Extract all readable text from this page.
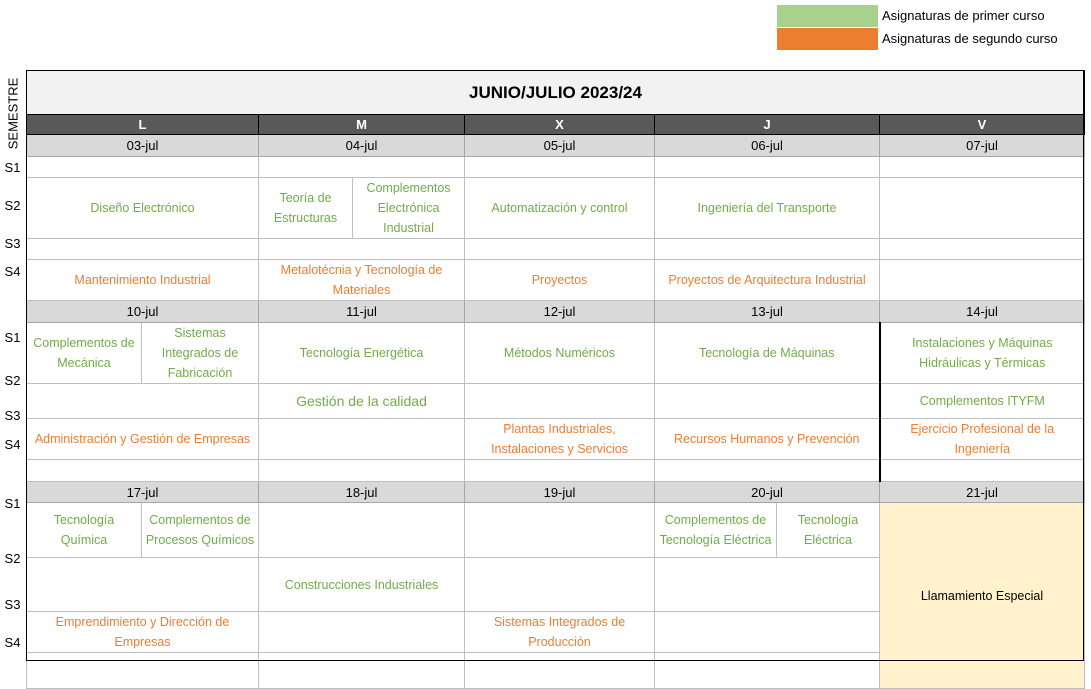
Asignaturas de primer curso
Asignaturas de segundo curso
SEMESTRE
S1
S2
S3
S4
S1
S2
S3
S4
S1
S2
S3
S4
JUNIO/JULIO 2023/24							
L		M		X	J		V
03-jul		04-jul		05-jul	06-jul		07-jul

Diseño Electrónico		Teoría de Estructuras	Complementos Electrónica Industrial	Automatización y control	Ingeniería del Transporte		

Mantenimiento Industrial		Metalotécnia y Tecnología de Materiales		Proyectos	Proyectos de Arquitectura Industrial		
10-jul		11-jul		12-jul	13-jul		14-jul
Complementos de Mecánica	Sistemas Integrados de Fabricación	Tecnología Energética		Métodos Numéricos	Tecnología de Máquinas		Instalaciones y Máquinas Hidráulicas y Térmicas
		Gestión de la calidad					Complementos ITYFM
Administración y Gestión de Empresas				Plantas Industriales, Instalaciones y Servicios	Recursos Humanos y Prevención		Ejercicio Profesional de la Ingeniería

17-jul		18-jul		19-jul	20-jul		21-jul
Tecnología Química	Complementos de Procesos Químicos				Complementos de Tecnología Eléctrica	Tecnología Eléctrica	Llamamiento Especial
		Construcciones Industriales					
Emprendimiento y Dirección de Empresas				Sistemas Integrados de Producción			
